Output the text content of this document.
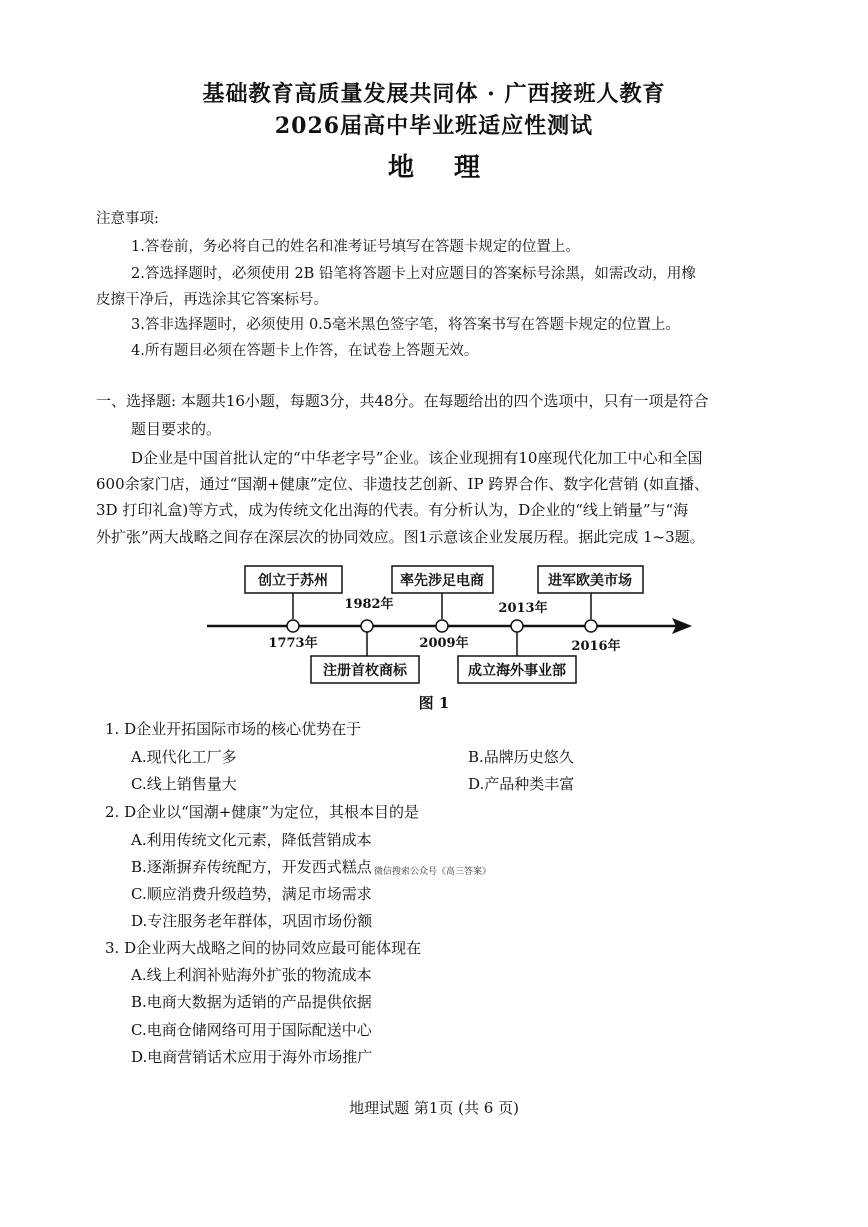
基础教育高质量发展共同体 · 广西接班人教育
2026届高中毕业班适应性测试
地理
注意事项:
1.答卷前，务必将自己的姓名和准考证号填写在答题卡规定的位置上。
2.答选择题时，必须使用 2B 铅笔将答题卡上对应题目的答案标号涂黑，如需改动，用橡
皮擦干净后，再选涂其它答案标号。
3.答非选择题时，必须使用 0.5毫米黑色签字笔，将答案书写在答题卡规定的位置上。
4.所有题目必须在答题卡上作答，在试卷上答题无效。
一、选择题: 本题共16小题，每题3分，共48分。在每题给出的四个选项中，只有一项是符合
题目要求的。
D企业是中国首批认定的“中华老字号”企业。该企业现拥有10座现代化加工中心和全国
600余家门店，通过“国潮+健康”定位、非遗技艺创新、IP 跨界合作、数字化营销 (如直播、
3D 打印礼盒)等方式，成为传统文化出海的代表。有分析认为，D企业的“线上销量”与“海
外扩张”两大战略之间存在深层次的协同效应。图1示意该企业发展历程。据此完成 1~3题。
创立于苏州
1773年
注册首枚商标
1982年
率先涉足电商
2009年
成立海外事业部
2013年
进军欧美市场
2016年
图 1
1. D企业开拓国际市场的核心优势在于
A.现代化工厂多	B.品牌历史悠久
C.线上销售量大	D.产品种类丰富
2. D企业以“国潮+健康”为定位，其根本目的是
A.利用传统文化元素，降低营销成本
B.逐渐摒弃传统配方，开发西式糕点
C.顺应消费升级趋势，满足市场需求
D.专注服务老年群体，巩固市场份额
3. D企业两大战略之间的协同效应最可能体现在
A.线上利润补贴海外扩张的物流成本
B.电商大数据为适销的产品提供依据
C.电商仓储网络可用于国际配送中心
D.电商营销话术应用于海外市场推广
微信搜索公众号《高三答案》
地理试题 第1页 (共 6 页)
